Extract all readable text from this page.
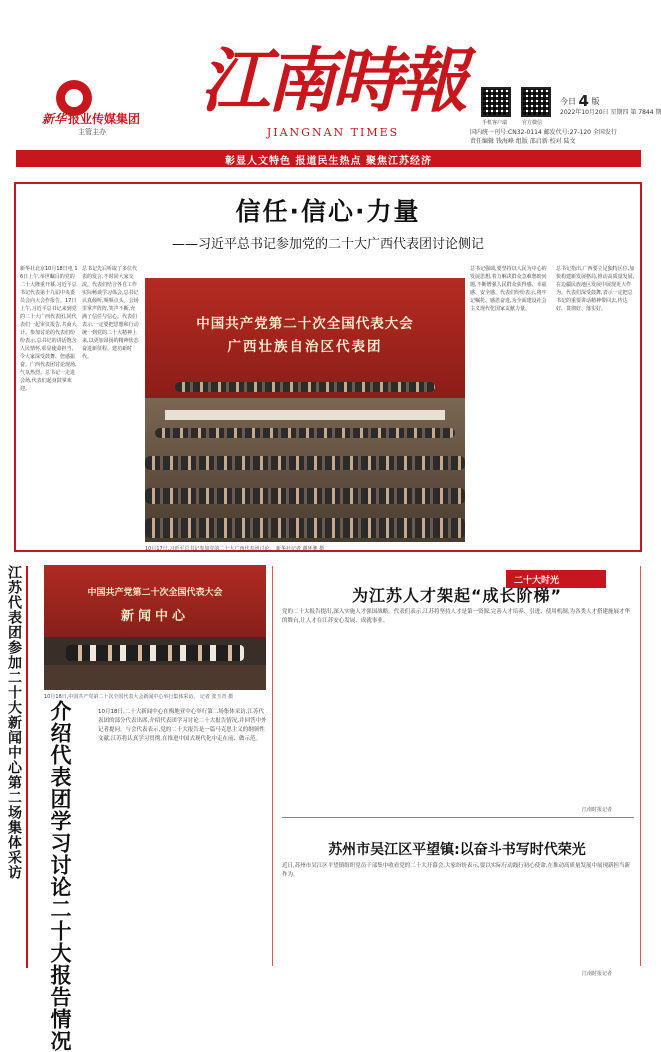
新华 报业传媒集团
主管主办
江南時報
JIANGNAN TIMES
手机客户端	官方微信
今日 4 版
2022年10月20日 星期四 第 7844 期
国内统一刊号:CN32-0114 邮发代号:27-120 全国发行
责任编辑 钱海峰 组版 邵启新 校对 陆文
彰显人文特色 报道民生热点 聚焦江苏经济
信任·信心·力量
——习近平总书记参加党的二十大广西代表团讨论侧记
新华社北京10月18日电 16日上午,举世瞩目的党的二十大隆重开幕,习近平总书记代表第十九届中央委员会向大会作报告。17日上午,习近平总书记来到党的二十大广西代表团,同代表们一起审议报告,共商大计。参加讨论的代表们纷纷表示,总书记的讲话饱含人民情怀,彰显使命担当,令大家深受鼓舞、倍感振奋。广西代表团讨论现场,气氛热烈。总书记一走进会场,代表们起身鼓掌欢迎。
总书记先后听取了多位代表的发言,不时同大家交流。代表们结合各自工作实际畅谈学习体会,总书记认真倾听,频频点头。会场里掌声阵阵,笑声不断,充满了信任与信心。代表们表示,一定要把思想和行动统一到党的二十大精神上来,以更加昂扬的精神状态奋进新征程、建功新时代。
中国共产党第二十次全国代表大会
广西壮族自治区代表团
10月17日,习近平总书记参加党的二十大广西代表团讨论。 新华社记者 谢环驰 摄
总书记强调,要坚持以人民为中心的发展思想,着力解决群众急难愁盼问题,不断增强人民群众获得感、幸福感、安全感。代表们纷纷表示,将牢记嘱托、感恩奋进,为全面建设社会主义现代化国家贡献力量。
总书记指出,广西要立足独特区位,加快构建新发展格局,推动高质量发展,在边疆民族地区发展中展现更大作为。代表们深受鼓舞,表示一定把总书记的重要讲话精神带回去,传达好、贯彻好、落实好。
江苏代表团参加二十大新闻中心第二场集体采访	中国共产党第二十次全国代表大会
新闻中心
10月18日,中国共产党第二十次全国代表大会新闻中心举行集体采访。 记者 张玉青 摄
介绍代表团学习讨论二十大报告情况	10月18日,二十大新闻中心在梅地亚中心举行第二场集体采访,江苏代表团的部分代表出席,介绍代表团学习讨论二十大报告情况,并回答中外记者提问。与会代表表示,党的二十大报告是一篇马克思主义的纲领性文献,江苏将认真学习贯彻,在推进中国式现代化中走在前、做示范。
二十大时光
为江苏人才架起“成长阶梯”
党的二十大报告提出,深入实施人才强国战略。代表们表示,江苏将坚持人才是第一资源,完善人才培养、引进、使用机制,为各类人才搭建施展才华的舞台,让人才在江苏安心发展、成就事业。
江南时报记者
苏州市吴江区平望镇:以奋斗书写时代荣光
近日,苏州市吴江区平望镇组织党员干部集中收看党的二十大开幕会,大家纷纷表示,要以实际行动践行初心使命,在推动高质量发展中展现新担当新作为。
江南时报记者
